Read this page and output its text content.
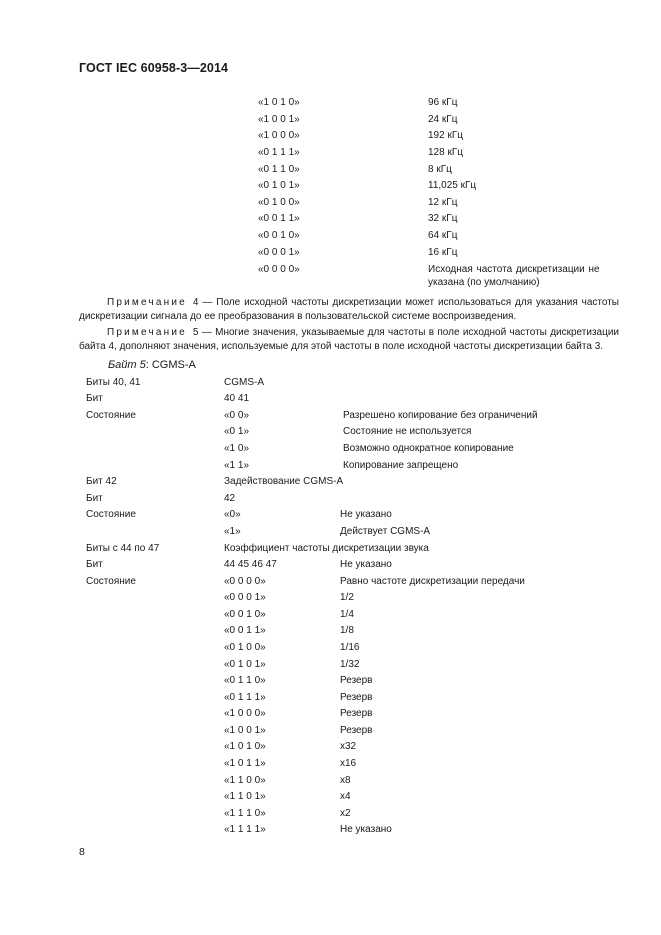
ГОСТ IEC 60958-3—2014
«1 0 1 0»	96 кГц
«1 0 0 1»	24 кГц
«1 0 0 0»	192 кГц
«0 1 1 1»	128 кГц
«0 1 1 0»	8 кГц
«0 1 0 1»	11,025 кГц
«0 1 0 0»	12 кГц
«0 0 1 1»	32 кГц
«0 0 1 0»	64 кГц
«0 0 0 1»	16 кГц
«0 0 0 0»	Исходная частота дискретизации не
указана (по умолчанию)
Примечание 4 — Поле исходной частоты дискретизации может использоваться для указания частоты дискретизации сигнала до ее преобразования в пользовательской системе воспроизведения.
Примечание 5 — Многие значения, указываемые для частоты в поле исходной частоты дискретизации байта 4, дополняют значения, используемые для этой частоты в поле исходной частоты дискретизации байта 3.
Байт 5: CGMS-A
Биты 40, 41	CGMS-A
Бит	40 41
Состояние	«0 0»	Разрешено копирование без ограничений
«0 1»	Состояние не используется
«1 0»	Возможно однократное копирование
«1 1»	Копирование запрещено
Бит 42	Задействование CGMS-A
Бит	42
Состояние	«0»	Не указано
«1»	Действует CGMS-A
Биты с 44 по 47	Коэффициент частоты дискретизации звука
Бит	44 45 46 47	Не указано
Состояние	«0 0 0 0»	Равно частоте дискретизации передачи
«0 0 0 1»	1/2
«0 0 1 0»	1/4
«0 0 1 1»	1/8
«0 1 0 0»	1/16
«0 1 0 1»	1/32
«0 1 1 0»	Резерв
«0 1 1 1»	Резерв
«1 0 0 0»	Резерв
«1 0 0 1»	Резерв
«1 0 1 0»	x32
«1 0 1 1»	x16
«1 1 0 0»	x8
«1 1 0 1»	x4
«1 1 1 0»	x2
«1 1 1 1»	Не указано
8
